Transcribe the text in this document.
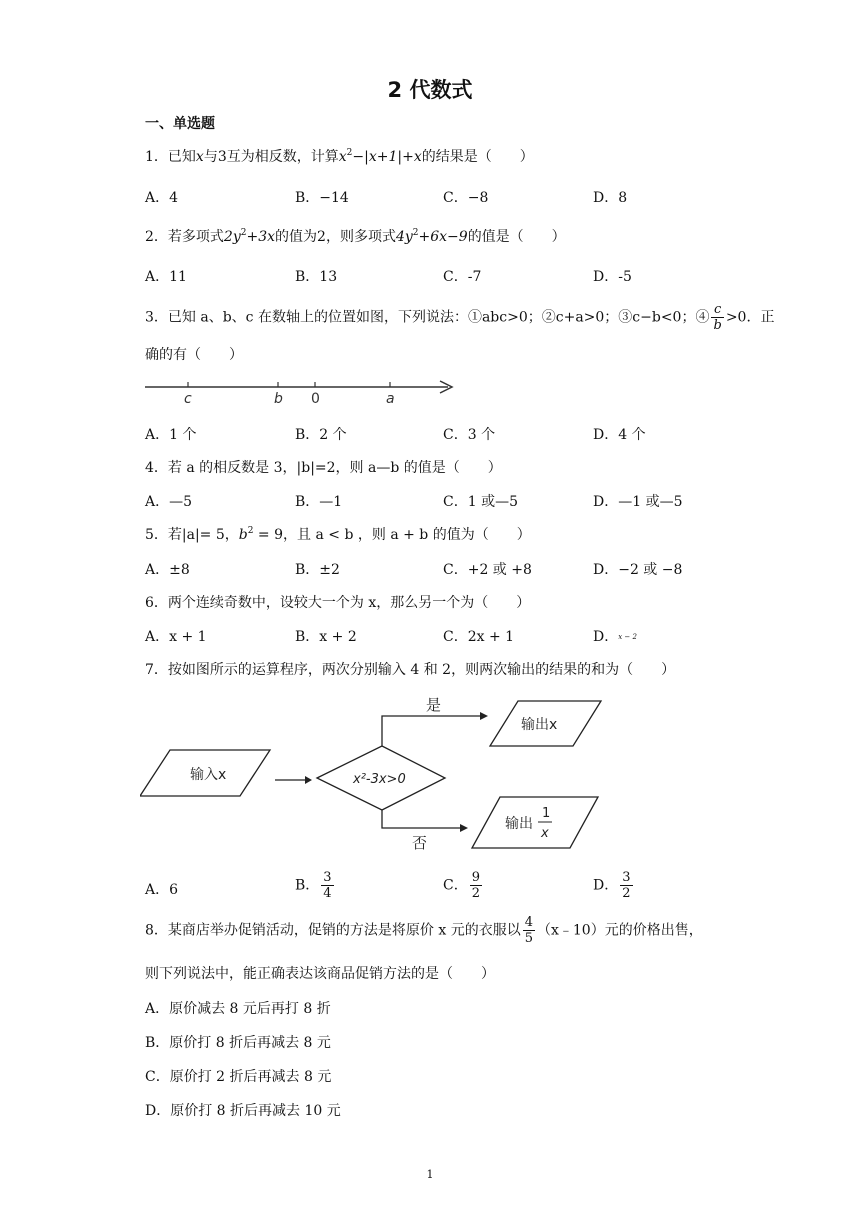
2 代数式
一、单选题
1．已知x与3互为相反数，计算$x^2-|x+1|+x$的结果是（　　）
A．4	B．−14	C．−8	D．8
2．若多项式$2y^2+3x$的值为2，则多项式$4y^2+6x-9$的值是（　　）
A．11	B．13	C．-7	D．-5
3．已知 a、b、c 在数轴上的位置如图，下列说法：①abc>0；②c+a>0；③c−b<0；④ $\frac{c}{b} >0$．正
确的有（　　）
c	b 0	a
A．1 个	B．2 个	C．3 个	D．4 个
4．若 a 的相反数是 3，|b|=2，则 a—b 的值是（　　）
A．—5	B．—1	C．1 或—5	D．—1 或—5
5．若|a|= 5，$b^2 = 9$，且 a < b ，则 a + b 的值为（　　）
A．±8	B．±2	C．+2 或 +8	D．−2 或 −8
6．两个连续奇数中，设较大一个为 x，那么另一个为（　　）
A．x + 1	B．x + 2	C．2x + 1	D．x − 2
7．按如图所示的运算程序，两次分别输入 4 和 2，则两次输出的结果的和为（　　）
输入x	x²-3x>0
是
输出x
否
输出
1
x
A．6	B． $\frac{3}{4}$	C． $\frac{9}{2}$	D． $\frac{3}{2}$
8．某商店举办促销活动，促销的方法是将原价 x 元的衣服以 $\frac{4}{5}$ （x﹣10）元的价格出售，
则下列说法中，能正确表达该商品促销方法的是（　　）
A．原价减去 8 元后再打 8 折
B．原价打 8 折后再减去 8 元
C．原价打 2 折后再减去 8 元
D．原价打 8 折后再减去 10 元
1
